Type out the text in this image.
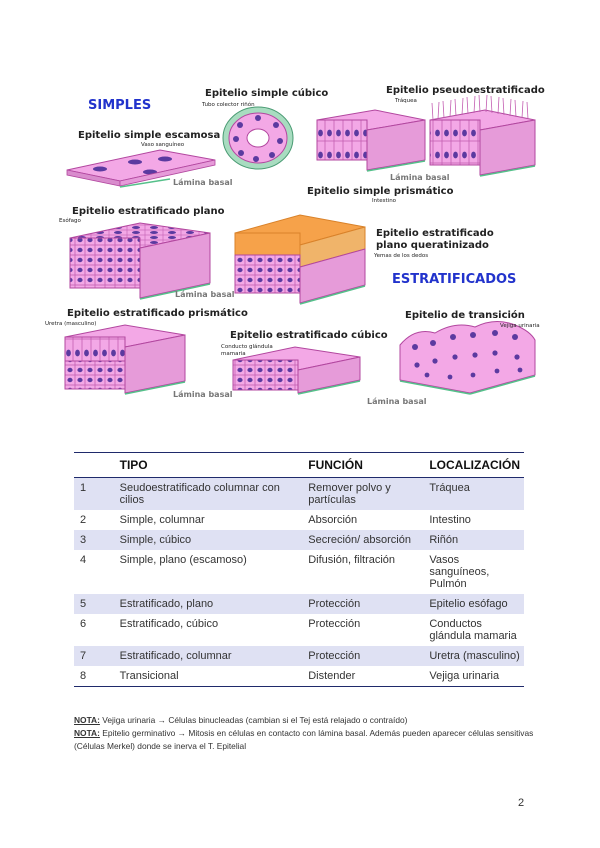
SIMPLES
ESTRATIFICADOS
Epitelio simple escamosa
Vaso sanguíneo
Epitelio simple cúbico
Tubo colector riñón
Epitelio pseudoestratificado
Tráquea
Epitelio simple prismático
Intestino
Epitelio estratificado plano
Esófago
Epitelio estratificado
plano queratinizado
Yemas de los dedos
Epitelio estratificado prismático
Uretra (masculino)
Epitelio estratificado cúbico
Conducto glándula
mamaria
Epitelio de transición
Vejiga urinaria
Lámina basal
Lámina basal
Lámina basal
Lámina basal
Lámina basal
	TIPO	FUNCIÓN	LOCALIZACIÓN
1	Seudoestratificado columnar con cilios	Remover polvo y partículas	Tráquea
2	Simple, columnar	Absorción	Intestino
3	Simple, cúbico	Secreción/ absorción	Riñón
4	Simple, plano (escamoso)	Difusión, filtración	Vasos sanguíneos, Pulmón
5	Estratificado, plano	Protección	Epitelio esófago
6	Estratificado, cúbico	Protección	Conductos glándula mamaria
7	Estratificado, columnar	Protección	Uretra (masculino)
8	Transicional	Distender	Vejiga urinaria
NOTA: Vejiga urinaria → Células binucleadas (cambian si el Tej está relajado o contraído)
NOTA: Epitelio germinativo → Mitosis en células en contacto con lámina basal. Además pueden aparecer células sensitivas (Células Merkel) donde se inerva el T. Epitelial
2
